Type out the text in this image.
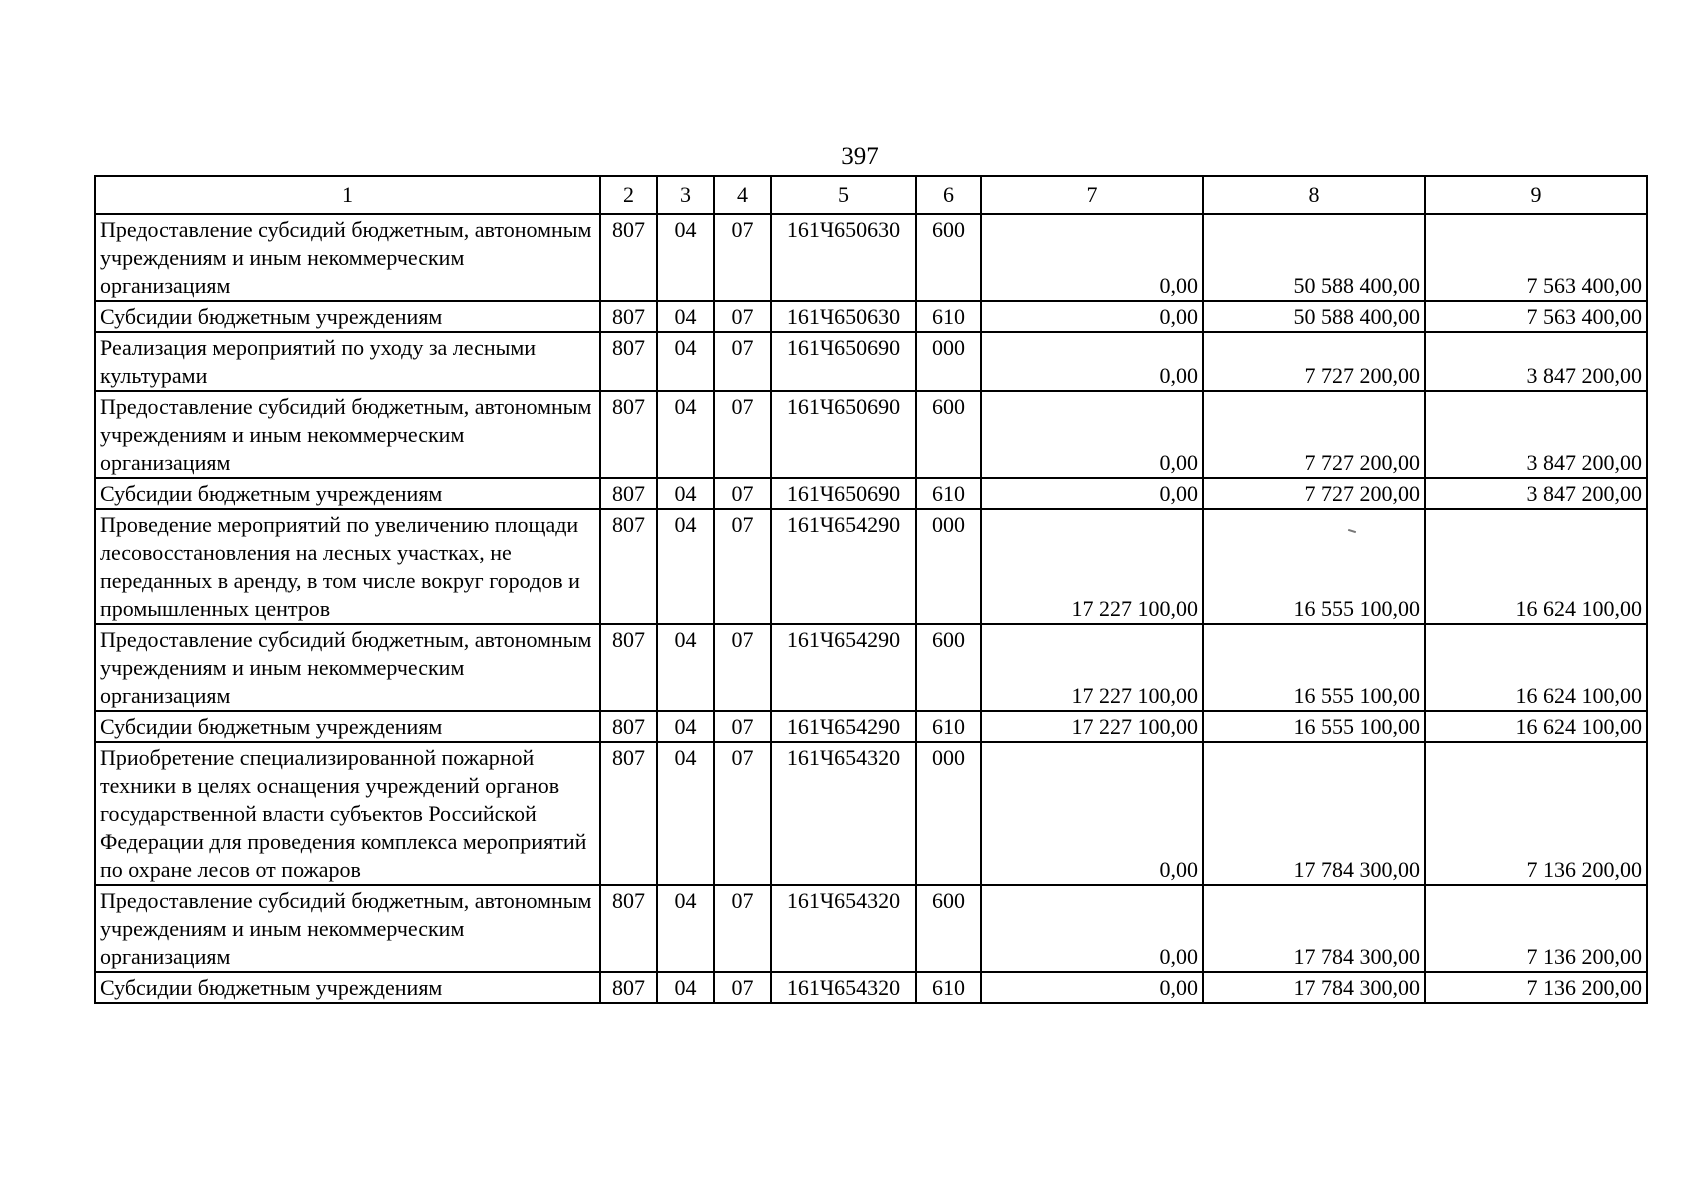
397
1	2	3	4	5	6	7	8	9
Предоставление субсидий бюджетным, автономным учреждениям и иным некоммерческим организациям	807	04	07	161Ч650630	600	0,00	50 588 400,00	7 563 400,00
Субсидии бюджетным учреждениям	807	04	07	161Ч650630	610	0,00	50 588 400,00	7 563 400,00
Реализация мероприятий по уходу за лесными культурами	807	04	07	161Ч650690	000	0,00	7 727 200,00	3 847 200,00
Предоставление субсидий бюджетным, автономным учреждениям и иным некоммерческим организациям	807	04	07	161Ч650690	600	0,00	7 727 200,00	3 847 200,00
Субсидии бюджетным учреждениям	807	04	07	161Ч650690	610	0,00	7 727 200,00	3 847 200,00
Проведение мероприятий по увеличению площади лесовосстановления на лесных участках, не переданных в аренду, в том числе вокруг городов и промышленных центров	807	04	07	161Ч654290	000	17 227 100,00	16 555 100,00	16 624 100,00
Предоставление субсидий бюджетным, автономным учреждениям и иным некоммерческим организациям	807	04	07	161Ч654290	600	17 227 100,00	16 555 100,00	16 624 100,00
Субсидии бюджетным учреждениям	807	04	07	161Ч654290	610	17 227 100,00	16 555 100,00	16 624 100,00
Приобретение специализированной пожарной техники в целях оснащения учреждений органов государственной власти субъектов Российской Федерации для проведения комплекса мероприятий по охране лесов от пожаров	807	04	07	161Ч654320	000	0,00	17 784 300,00	7 136 200,00
Предоставление субсидий бюджетным, автономным учреждениям и иным некоммерческим организациям	807	04	07	161Ч654320	600	0,00	17 784 300,00	7 136 200,00
Субсидии бюджетным учреждениям	807	04	07	161Ч654320	610	0,00	17 784 300,00	7 136 200,00
